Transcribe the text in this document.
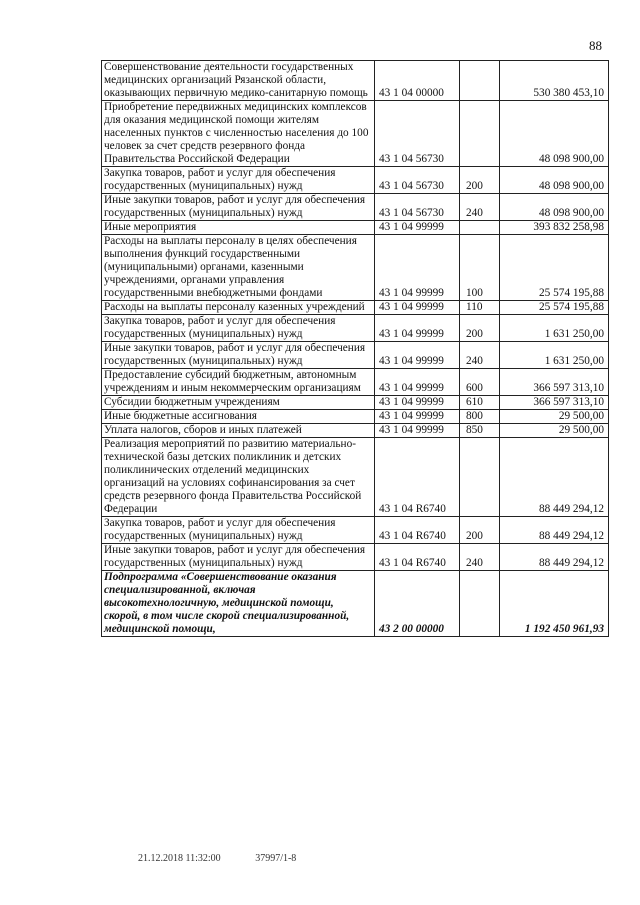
88
Совершенствование деятельности государственных медицинских организаций Рязанской области, оказывающих первичную медико-санитарную помощь	43 1 04 00000		530 380 453,10
Приобретение передвижных медицинских комплексов для оказания медицинской помощи жителям населенных пунктов с численностью населения до 100 человек за счет средств резервного фонда Правительства Российской Федерации	43 1 04 56730		48 098 900,00
Закупка товаров, работ и услуг для обеспечения государственных (муниципальных) нужд	43 1 04 56730	200	48 098 900,00
Иные закупки товаров, работ и услуг для обеспечения государственных (муниципальных) нужд	43 1 04 56730	240	48 098 900,00
Иные мероприятия	43 1 04 99999		393 832 258,98
Расходы на выплаты персоналу в целях обеспечения выполнения функций государственными (муниципальными) органами, казенными учреждениями, органами управления государственными внебюджетными фондами	43 1 04 99999	100	25 574 195,88
Расходы на выплаты персоналу казенных учреждений	43 1 04 99999	110	25 574 195,88
Закупка товаров, работ и услуг для обеспечения государственных (муниципальных) нужд	43 1 04 99999	200	1 631 250,00
Иные закупки товаров, работ и услуг для обеспечения государственных (муниципальных) нужд	43 1 04 99999	240	1 631 250,00
Предоставление субсидий бюджетным, автономным учреждениям и иным некоммерческим организациям	43 1 04 99999	600	366 597 313,10
Субсидии бюджетным учреждениям	43 1 04 99999	610	366 597 313,10
Иные бюджетные ассигнования	43 1 04 99999	800	29 500,00
Уплата налогов, сборов и иных платежей	43 1 04 99999	850	29 500,00
Реализация мероприятий по развитию материально-технической базы детских поликлиник и детских поликлинических отделений медицинских организаций на условиях софинансирования за счет средств резервного фонда Правительства Российской Федерации	43 1 04 R6740		88 449 294,12
Закупка товаров, работ и услуг для обеспечения государственных (муниципальных) нужд	43 1 04 R6740	200	88 449 294,12
Иные закупки товаров, работ и услуг для обеспечения государственных (муниципальных) нужд	43 1 04 R6740	240	88 449 294,12
Подпрограмма «Совершенствование оказания специализированной, включая высокотехнологичную, медицинской помощи, скорой, в том числе скорой специализированной, медицинской помощи,	43 2 00 00000		1 192 450 961,93
21.12.2018 11:32:00	37997/1-8
